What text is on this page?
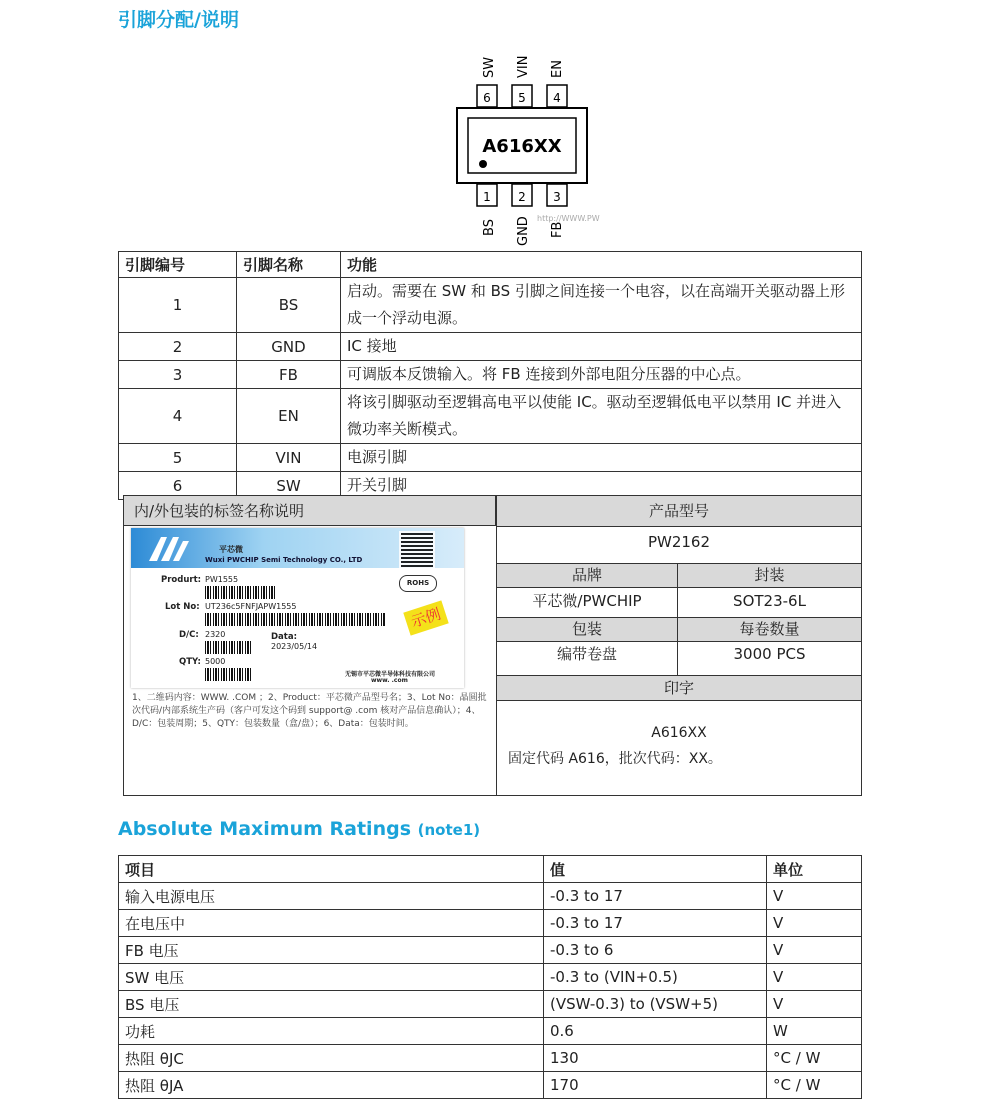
引脚分配/说明
SW VIN EN
6 5 4
A616XX
1 2 3
BS GND FB
http://WWW.PW
引脚编号	引脚名称	功能
1	BS	启动。需要在 SW 和 BS 引脚之间连接一个电容，以在高端开关驱动器上形成一个浮动电源。
2	GND	IC 接地
3	FB	可调版本反馈输入。将 FB 连接到外部电阻分压器的中心点。
4	EN	将该引脚驱动至逻辑高电平以使能 IC。驱动至逻辑低电平以禁用 IC 并进入微功率关断模式。
5	VIN	电源引脚
6	SW	开关引脚
内/外包装的标签名称说明	产品型号
PW2162
品牌	封装
平芯微/PWCHIP	SOT23-6L
包装	每卷数量
编带卷盘	3000 PCS
印字
A616XX
固定代码 A616，批次代码：XX。
1、二维码内容：WWW. .COM ；2、Product：平芯微产品型号名；3、Lot No：晶圆批次代码/内部系统生产码（客户可发这个码到 support@ .com 核对产品信息确认）；4、D/C：包装周期；5、QTY：包装数量（盒/盘）；6、Data：包装时间。
平芯微
Wuxi PWCHIP Semi Technology CO., LTD
Produrt: PW1555	ROHS
Lot No: UT236c5FNFJAPW1555	示例
D/C: 2320	Data:
2023/05/14
QTY: 5000
无锡市平芯微半导体科技有限公司
www. .com
Absolute Maximum Ratings (note1)
项目	值	单位
输入电源电压	-0.3 to 17	V
在电压中	-0.3 to 17	V
FB 电压	-0.3 to 6	V
SW 电压	-0.3 to (VIN+0.5)	V
BS 电压	(VSW-0.3) to (VSW+5)	V
功耗	0.6	W
热阻 θJC	130	°C / W
热阻 θJA	170	°C / W
